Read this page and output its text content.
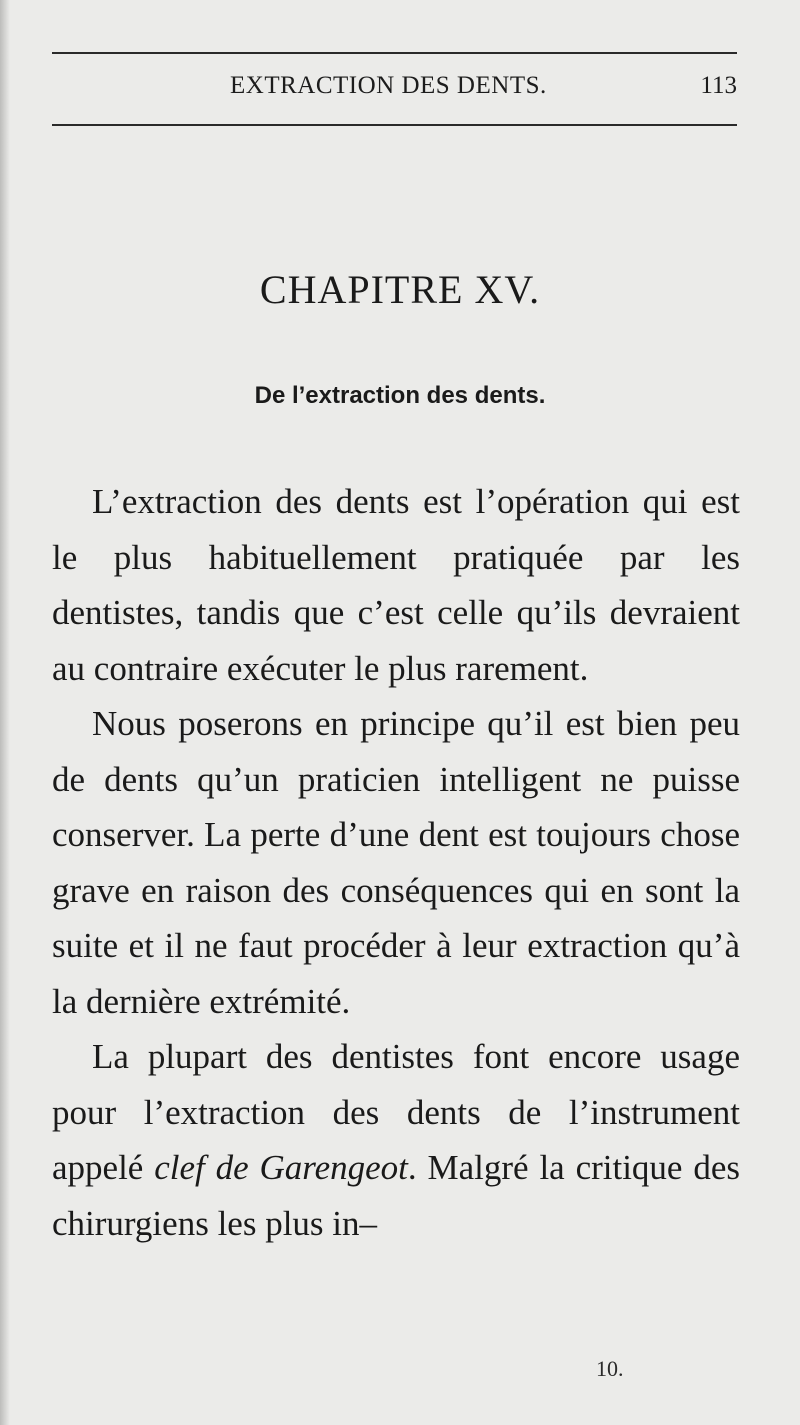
EXTRACTION DES DENTS.	113
CHAPITRE XV.
De l’extraction des dents.

L’extraction des dents est l’opération qui est le plus habituellement pratiquée par les dentistes, tandis que c’est celle qu’ils devraient au contraire exécuter le plus rarement.

Nous poserons en principe qu’il est bien peu de dents qu’un praticien intelligent ne puisse conserver. La perte d’une dent est toujours chose grave en raison des conséquences qui en sont la suite et il ne faut procéder à leur extraction qu’à la dernière extrémité.

La plupart des dentistes font encore usage pour l’extraction des dents de l’instrument appelé clef de Garengeot. Malgré la critique des chirurgiens les plus in–

10.
